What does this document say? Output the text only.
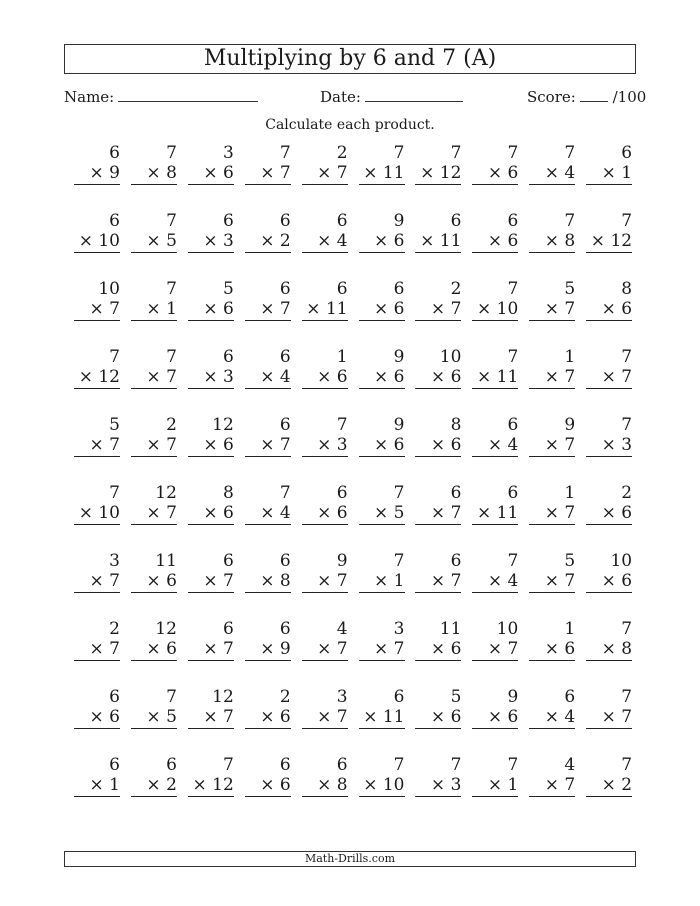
Multiplying by 6 and 7 (A)
Name:	Date:	Score: /100
Calculate each product.
6
× 9
7
× 8
3
× 6
7
× 7
2
× 7
7
× 11
7
× 12
7
× 6
7
× 4
6
× 1
6
× 10
7
× 5
6
× 3
6
× 2
6
× 4
9
× 6
6
× 11
6
× 6
7
× 8
7
× 12
10
× 7
7
× 1
5
× 6
6
× 7
6
× 11
6
× 6
2
× 7
7
× 10
5
× 7
8
× 6
7
× 12
7
× 7
6
× 3
6
× 4
1
× 6
9
× 6
10
× 6
7
× 11
1
× 7
7
× 7
5
× 7
2
× 7
12
× 6
6
× 7
7
× 3
9
× 6
8
× 6
6
× 4
9
× 7
7
× 3
7
× 10
12
× 7
8
× 6
7
× 4
6
× 6
7
× 5
6
× 7
6
× 11
1
× 7
2
× 6
3
× 7
11
× 6
6
× 7
6
× 8
9
× 7
7
× 1
6
× 7
7
× 4
5
× 7
10
× 6
2
× 7
12
× 6
6
× 7
6
× 9
4
× 7
3
× 7
11
× 6
10
× 7
1
× 6
7
× 8
6
× 6
7
× 5
12
× 7
2
× 6
3
× 7
6
× 11
5
× 6
9
× 6
6
× 4
7
× 7
6
× 1
6
× 2
7
× 12
6
× 6
6
× 8
7
× 10
7
× 3
7
× 1
4
× 7
7
× 2
Math-Drills.com
